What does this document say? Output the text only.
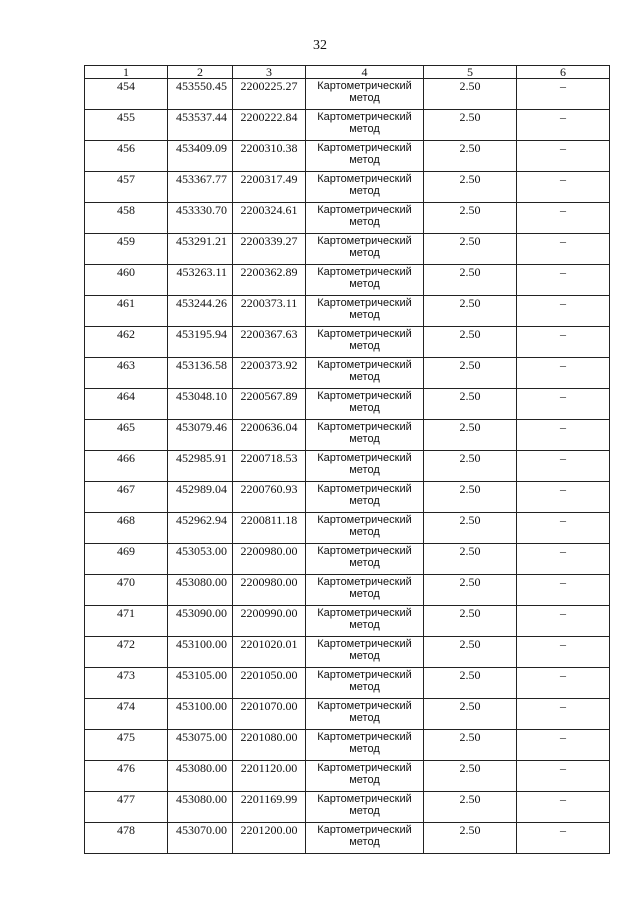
32
1	2	3	4	5	6
454	453550.45	2200225.27	Картометрический метод	2.50	–
455	453537.44	2200222.84	Картометрический метод	2.50	–
456	453409.09	2200310.38	Картометрический метод	2.50	–
457	453367.77	2200317.49	Картометрический метод	2.50	–
458	453330.70	2200324.61	Картометрический метод	2.50	–
459	453291.21	2200339.27	Картометрический метод	2.50	–
460	453263.11	2200362.89	Картометрический метод	2.50	–
461	453244.26	2200373.11	Картометрический метод	2.50	–
462	453195.94	2200367.63	Картометрический метод	2.50	–
463	453136.58	2200373.92	Картометрический метод	2.50	–
464	453048.10	2200567.89	Картометрический метод	2.50	–
465	453079.46	2200636.04	Картометрический метод	2.50	–
466	452985.91	2200718.53	Картометрический метод	2.50	–
467	452989.04	2200760.93	Картометрический метод	2.50	–
468	452962.94	2200811.18	Картометрический метод	2.50	–
469	453053.00	2200980.00	Картометрический метод	2.50	–
470	453080.00	2200980.00	Картометрический метод	2.50	–
471	453090.00	2200990.00	Картометрический метод	2.50	–
472	453100.00	2201020.01	Картометрический метод	2.50	–
473	453105.00	2201050.00	Картометрический метод	2.50	–
474	453100.00	2201070.00	Картометрический метод	2.50	–
475	453075.00	2201080.00	Картометрический метод	2.50	–
476	453080.00	2201120.00	Картометрический метод	2.50	–
477	453080.00	2201169.99	Картометрический метод	2.50	–
478	453070.00	2201200.00	Картометрический метод	2.50	–
